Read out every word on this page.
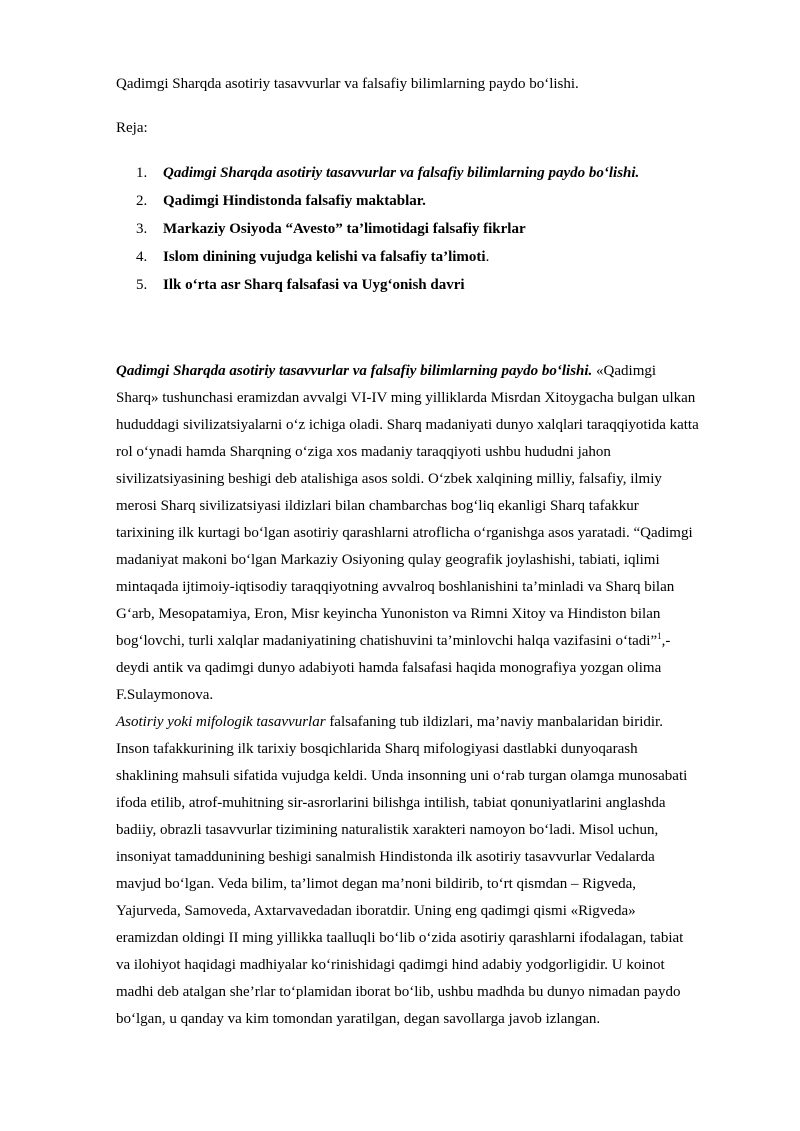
Qadimgi Sharqda asotiriy tasavvurlar va falsafiy bilimlarning paydo bo‘lishi.
Reja:
1. Qadimgi Sharqda asotiriy tasavvurlar va falsafiy bilimlarning paydo bo‘lishi.
2. Qadimgi Hindistonda falsafiy maktablar.
3. Markaziy Osiyoda “Avesto” ta’limotidagi falsafiy fikrlar
4. Islom dinining vujudga kelishi va falsafiy ta’limoti.
5. Ilk o‘rta asr Sharq falsafasi va Uyg‘onish davri
Qadimgi Sharqda asotiriy tasavvurlar va falsafiy bilimlarning paydo bo‘lishi. «Qadimgi
Sharq» tushunchasi eramizdan avvalgi VI-IV ming yilliklarda Misrdan Xitoygacha bulgan ulkan
hududdagi sivilizatsiyalarni o‘z ichiga oladi. Sharq madaniyati dunyo xalqlari taraqqiyotida katta
rol o‘ynadi hamda Sharqning o‘ziga xos madaniy taraqqiyoti ushbu hududni jahon
sivilizatsiyasining beshigi deb atalishiga asos soldi. O‘zbek xalqining milliy, falsafiy, ilmiy
merosi Sharq sivilizatsiyasi ildizlari bilan chambarchas bog‘liq ekanligi Sharq tafakkur
tarixining ilk kurtagi bo‘lgan asotiriy qarashlarni atroflicha o‘rganishga asos yaratadi. “Qadimgi
madaniyat makoni bo‘lgan Markaziy Osiyoning qulay geografik joylashishi, tabiati, iqlimi
mintaqada ijtimoiy-iqtisodiy taraqqiyotning avvalroq boshlanishini ta’minladi va Sharq bilan
G‘arb, Mesopatamiya, Eron, Misr keyincha Yunoniston va Rimni Xitoy va Hindiston bilan
bog‘lovchi, turli xalqlar madaniyatining chatishuvini ta’minlovchi halqa vazifasini o‘tadi”$^1$,-
deydi antik va qadimgi dunyo adabiyoti hamda falsafasi haqida monografiya yozgan olima
F.Sulaymonova.
Asotiriy yoki mifologik tasavvurlar falsafaning tub ildizlari, ma’naviy manbalaridan biridir.
Inson tafakkurining ilk tarixiy bosqichlarida Sharq mifologiyasi dastlabki dunyoqarash
shaklining mahsuli sifatida vujudga keldi. Unda insonning uni o‘rab turgan olamga munosabati
ifoda etilib, atrof-muhitning sir-asrorlarini bilishga intilish, tabiat qonuniyatlarini anglashda
badiiy, obrazli tasavvurlar tizimining naturalistik xarakteri namoyon bo‘ladi. Misol uchun,
insoniyat tamaddunining beshigi sanalmish Hindistonda ilk asotiriy tasavvurlar Vedalarda
mavjud bo‘lgan. Veda bilim, ta’limot degan ma’noni bildirib, to‘rt qismdan – Rigveda,
Yajurveda, Samoveda, Axtarvavedadan iboratdir. Uning eng qadimgi qismi «Rigveda»
eramizdan oldingi II ming yillikka taalluqli bo‘lib o‘zida asotiriy qarashlarni ifodalagan, tabiat
va ilohiyot haqidagi madhiyalar ko‘rinishidagi qadimgi hind adabiy yodgorligidir. U koinot
madhi deb atalgan she’rlar to‘plamidan iborat bo‘lib, ushbu madhda bu dunyo nimadan paydo
bo‘lgan, u qanday va kim tomondan yaratilgan, degan savollarga javob izlangan.
